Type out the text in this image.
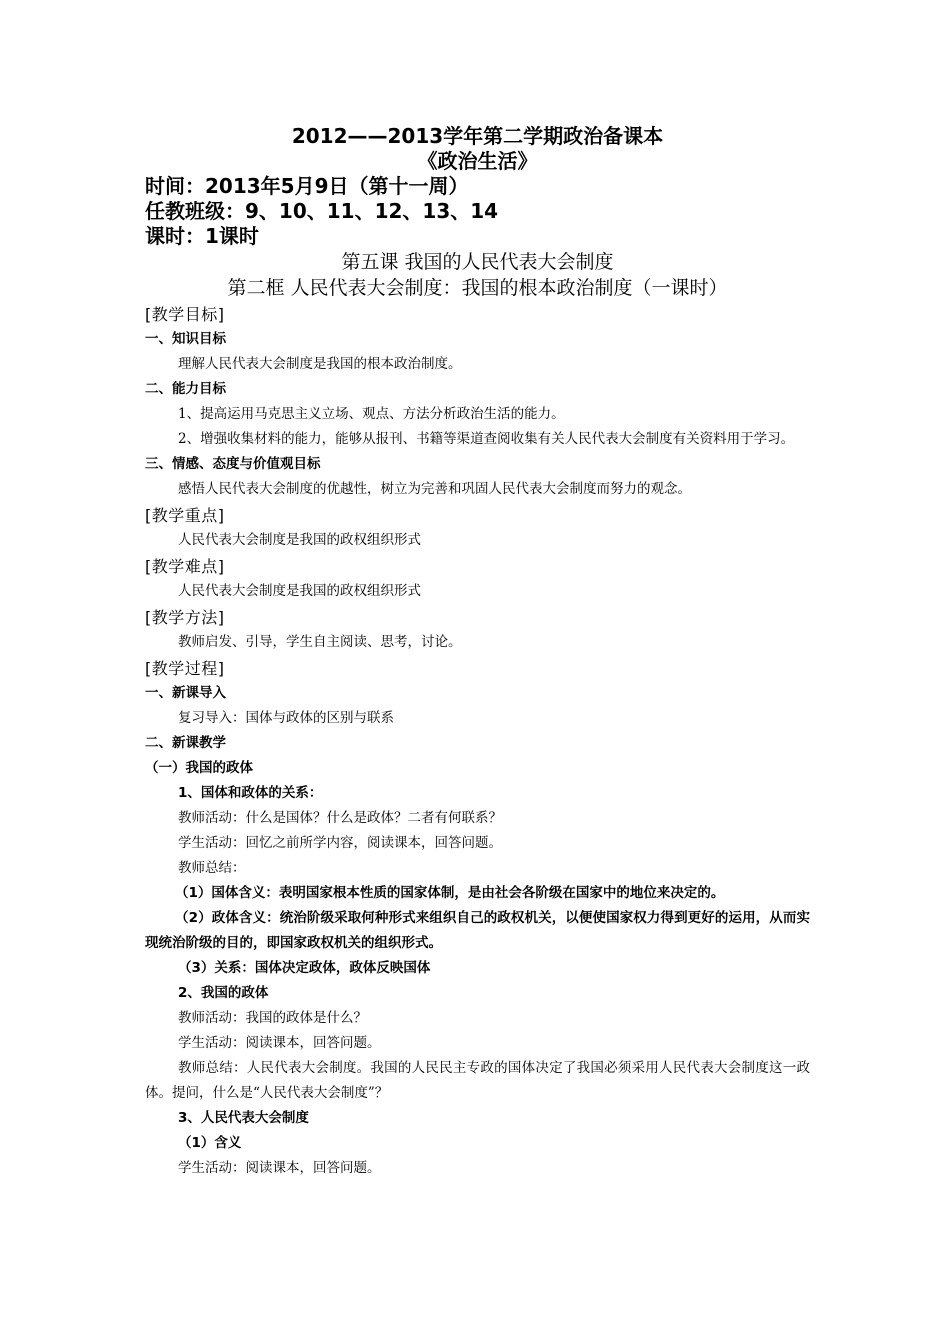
2012——2013学年第二学期政治备课本

《政治生活》

时间：2013年5月9日（第十一周）

任教班级：9、10、11、12、13、14

课时：1课时

第五课 我国的人民代表大会制度

第二框 人民代表大会制度：我国的根本政治制度（一课时）

[教学目标]

一、知识目标

理解人民代表大会制度是我国的根本政治制度。

二、能力目标

1、提高运用马克思主义立场、观点、方法分析政治生活的能力。

2、增强收集材料的能力，能够从报刊、书籍等渠道查阅收集有关人民代表大会制度有关资料用于学习。

三、情感、态度与价值观目标

感悟人民代表大会制度的优越性，树立为完善和巩固人民代表大会制度而努力的观念。

[教学重点]

人民代表大会制度是我国的政权组织形式

[教学难点]

人民代表大会制度是我国的政权组织形式

[教学方法]

教师启发、引导，学生自主阅读、思考，讨论。

[教学过程]

一、新课导入

复习导入：国体与政体的区别与联系

二、新课教学

（一）我国的政体

1、国体和政体的关系：

教师活动：什么是国体？什么是政体？二者有何联系？

学生活动：回忆之前所学内容，阅读课本，回答问题。

教师总结：

（1）国体含义：表明国家根本性质的国家体制，是由社会各阶级在国家中的地位来决定的。

（2）政体含义：统治阶级采取何种形式来组织自己的政权机关，以便使国家权力得到更好的运用，从而实现统治阶级的目的，即国家政权机关的组织形式。

（3）关系：国体决定政体，政体反映国体

2、我国的政体

教师活动：我国的政体是什么？

学生活动：阅读课本，回答问题。

教师总结：人民代表大会制度。我国的人民民主专政的国体决定了我国必须采用人民代表大会制度这一政体。提问，什么是“人民代表大会制度”？

3、人民代表大会制度

（1）含义

学生活动：阅读课本，回答问题。
